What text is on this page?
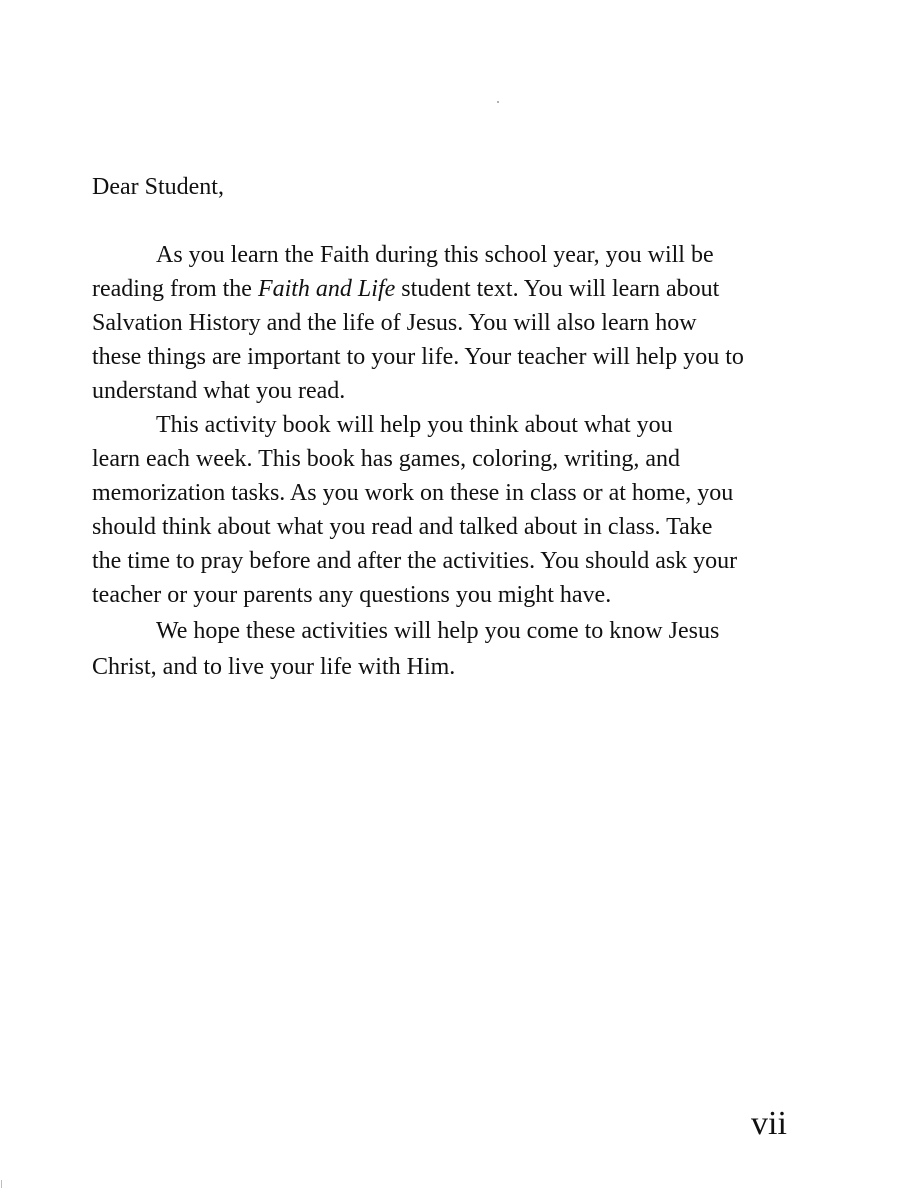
Dear Student,

As you learn the Faith during this school year, you will be

reading from the Faith and Life student text. You will learn about

Salvation History and the life of Jesus. You will also learn how

these things are important to your life. Your teacher will help you to

understand what you read.

This activity book will help you think about what you

learn each week. This book has games, coloring, writing, and

memorization tasks. As you work on these in class or at home, you

should think about what you read and talked about in class. Take

the time to pray before and after the activities. You should ask your

teacher or your parents any questions you might have.

We hope these activities will help you come to know Jesus

Christ, and to live your life with Him.

vii
